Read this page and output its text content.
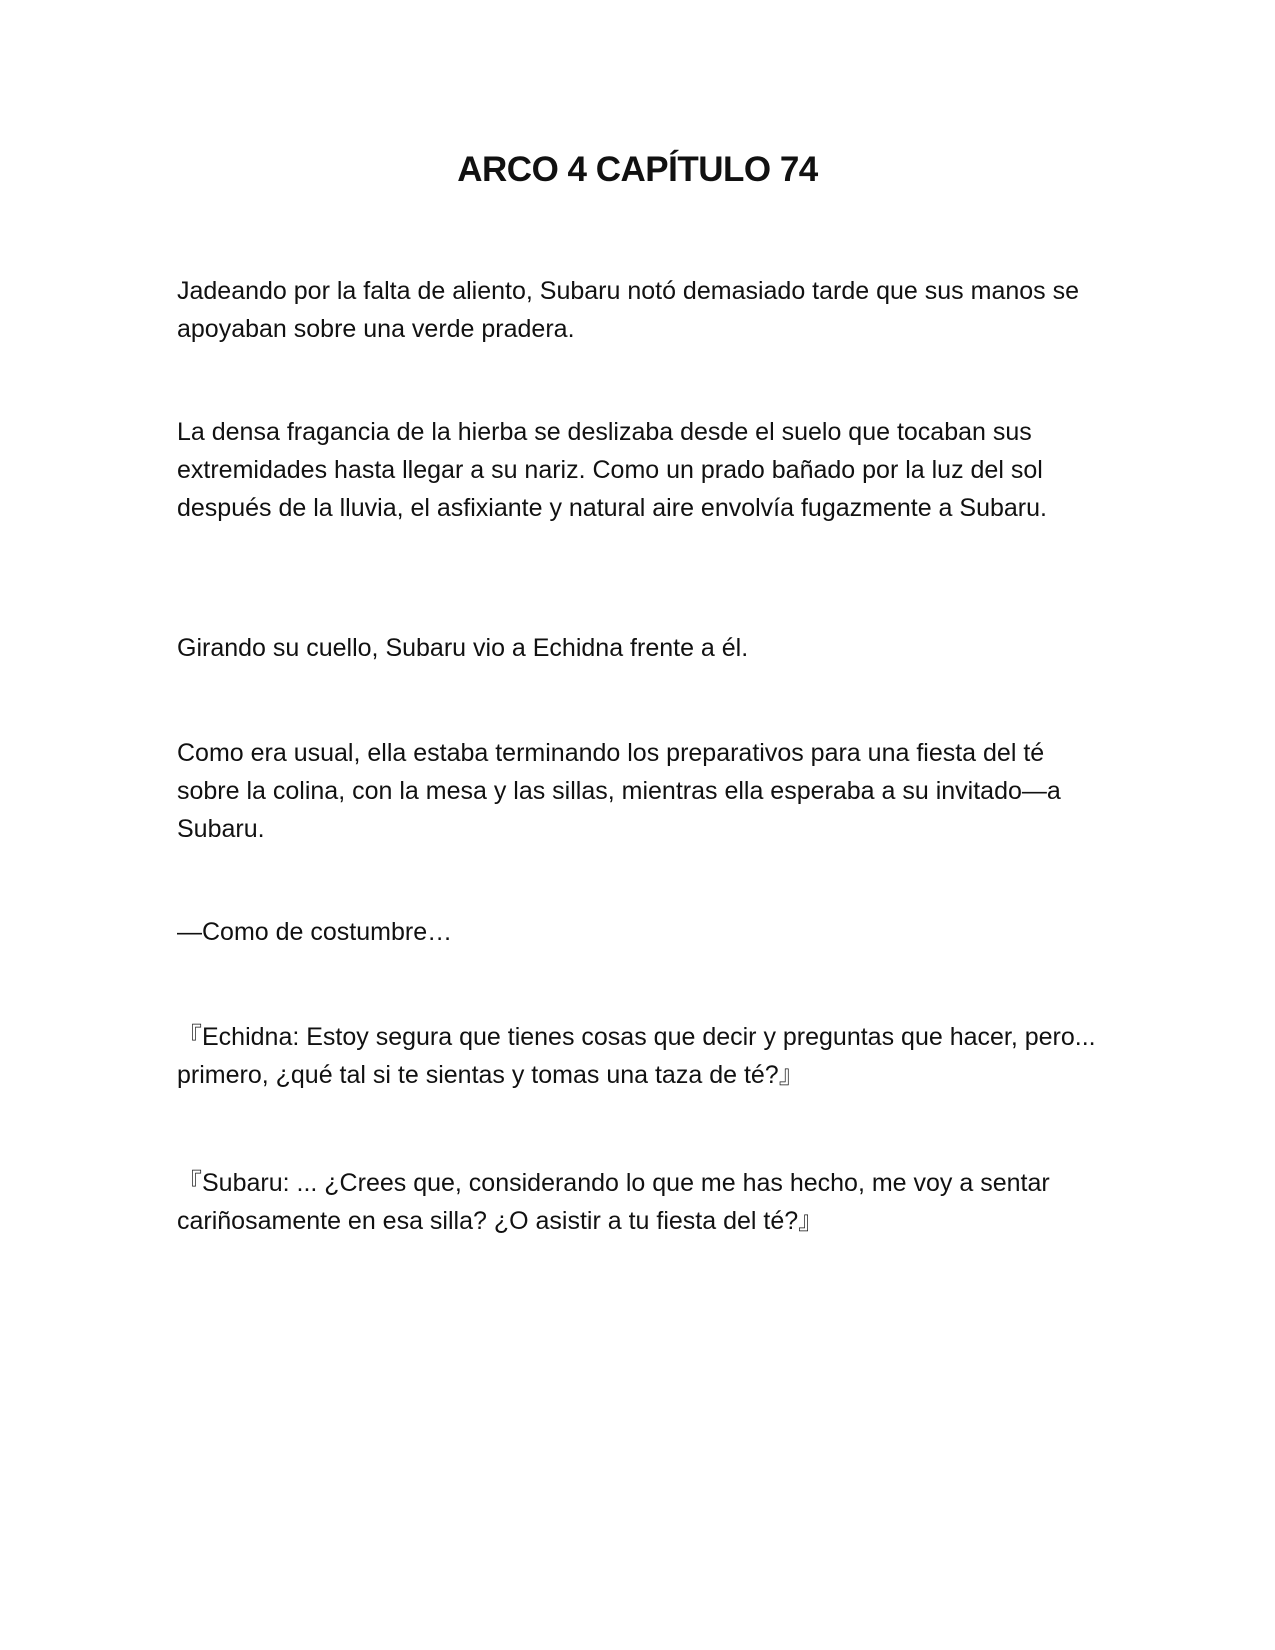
ARCO 4 CAPÍTULO 74

Jadeando por la falta de aliento, Subaru notó demasiado tarde que sus manos se apoyaban sobre una verde pradera.

La densa fragancia de la hierba se deslizaba desde el suelo que tocaban sus extremidades hasta llegar a su nariz. Como un prado bañado por la luz del sol después de la lluvia, el asfixiante y natural aire envolvía fugazmente a Subaru.

Girando su cuello, Subaru vio a Echidna frente a él.

Como era usual, ella estaba terminando los preparativos para una fiesta del té sobre la colina, con la mesa y las sillas, mientras ella esperaba a su invitado—a Subaru.

—Como de costumbre…

『Echidna: Estoy segura que tienes cosas que decir y preguntas que hacer, pero... primero, ¿qué tal si te sientas y tomas una taza de té?』

『Subaru: ... ¿Crees que, considerando lo que me has hecho, me voy a sentar cariñosamente en esa silla? ¿O asistir a tu fiesta del té?』
